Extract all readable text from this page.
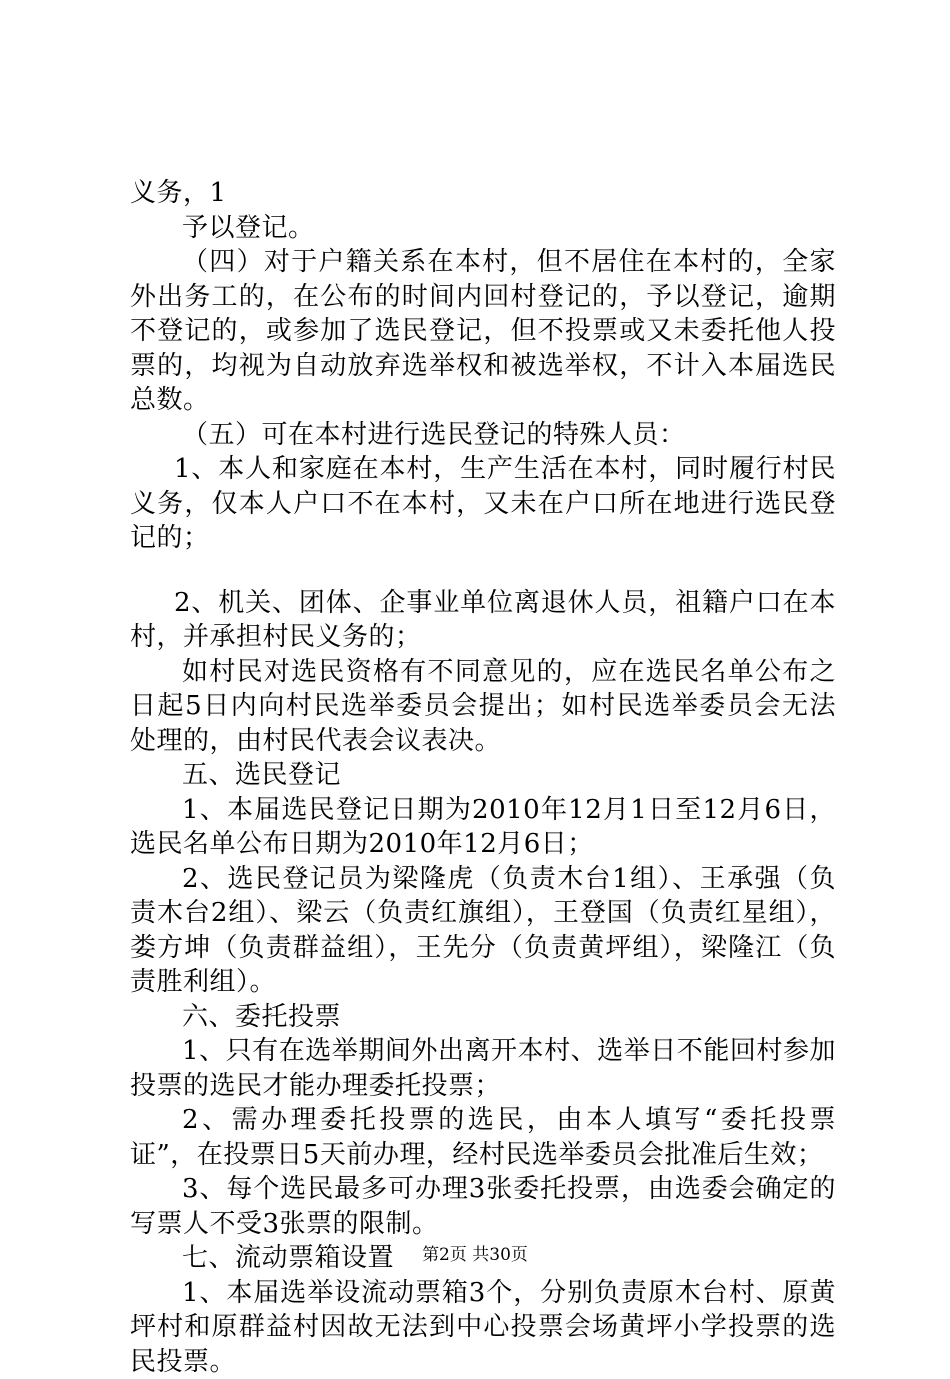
义务，1

予以登记。

（四）对于户籍关系在本村，但不居住在本村的，全家外出务工的，在公布的时间内回村登记的，予以登记，逾期不登记的，或参加了选民登记，但不投票或又未委托他人投票的，均视为自动放弃选举权和被选举权，不计入本届选民总数。

（五）可在本村进行选民登记的特殊人员：

1、本人和家庭在本村，生产生活在本村，同时履行村民义务，仅本人户口不在本村，又未在户口所在地进行选民登记的；

2、机关、团体、企事业单位离退休人员，祖籍户口在本村，并承担村民义务的；

如村民对选民资格有不同意见的，应在选民名单公布之日起5日内向村民选举委员会提出；如村民选举委员会无法处理的，由村民代表会议表决。

五、选民登记

1、本届选民登记日期为2010年12月1日至12月6日，选民名单公布日期为2010年12月6日；

2、选民登记员为梁隆虎（负责木台1组）、王承强（负责木台2组）、梁云（负责红旗组），王登国（负责红星组），娄方坤（负责群益组），王先分（负责黄坪组），梁隆江（负责胜利组）。

六、委托投票

1、只有在选举期间外出离开本村、选举日不能回村参加投票的选民才能办理委托投票；

2、需办理委托投票的选民，由本人填写“委托投票证”，在投票日5天前办理，经村民选举委员会批准后生效；

3、每个选民最多可办理3张委托投票，由选委会确定的写票人不受3张票的限制。

七、流动票箱设置

1、本届选举设流动票箱3个，分别负责原木台村、原黄坪村和原群益村因故无法到中心投票会场黄坪小学投票的选民投票。

第2页 共30页
